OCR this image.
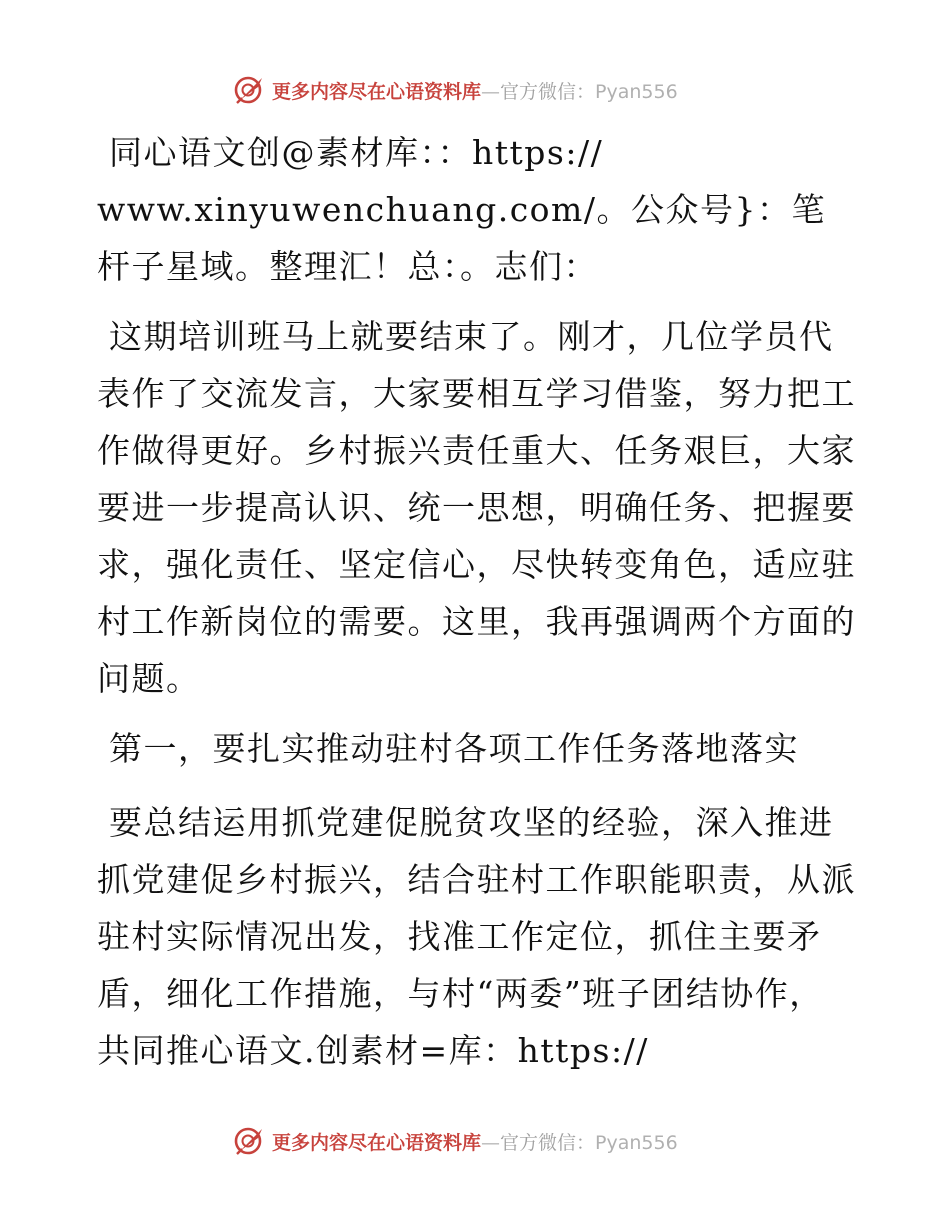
更多内容尽在心语资料库—官方微信：Pyan556

同心语文创@素材库：：https://
www.xinyuwenchuang.com/。公众号}：笔杆子星域。整理汇！总：。志们：

这期培训班马上就要结束了。刚才，几位学员代表作了交流发言，大家要相互学习借鉴，努力把工作做得更好。乡村振兴责任重大、任务艰巨，大家要进一步提高认识、统一思想，明确任务、把握要求，强化责任、坚定信心，尽快转变角色，适应驻村工作新岗位的需要。这里，我再强调两个方面的问题。

第一，要扎实推动驻村各项工作任务落地落实

要总结运用抓党建促脱贫攻坚的经验，深入推进抓党建促乡村振兴，结合驻村工作职能职责，从派驻村实际情况出发，找准工作定位，抓住主要矛盾，细化工作措施，与村“两委”班子团结协作，共同推心语文.创素材=库：https://

更多内容尽在心语资料库—官方微信：Pyan556
